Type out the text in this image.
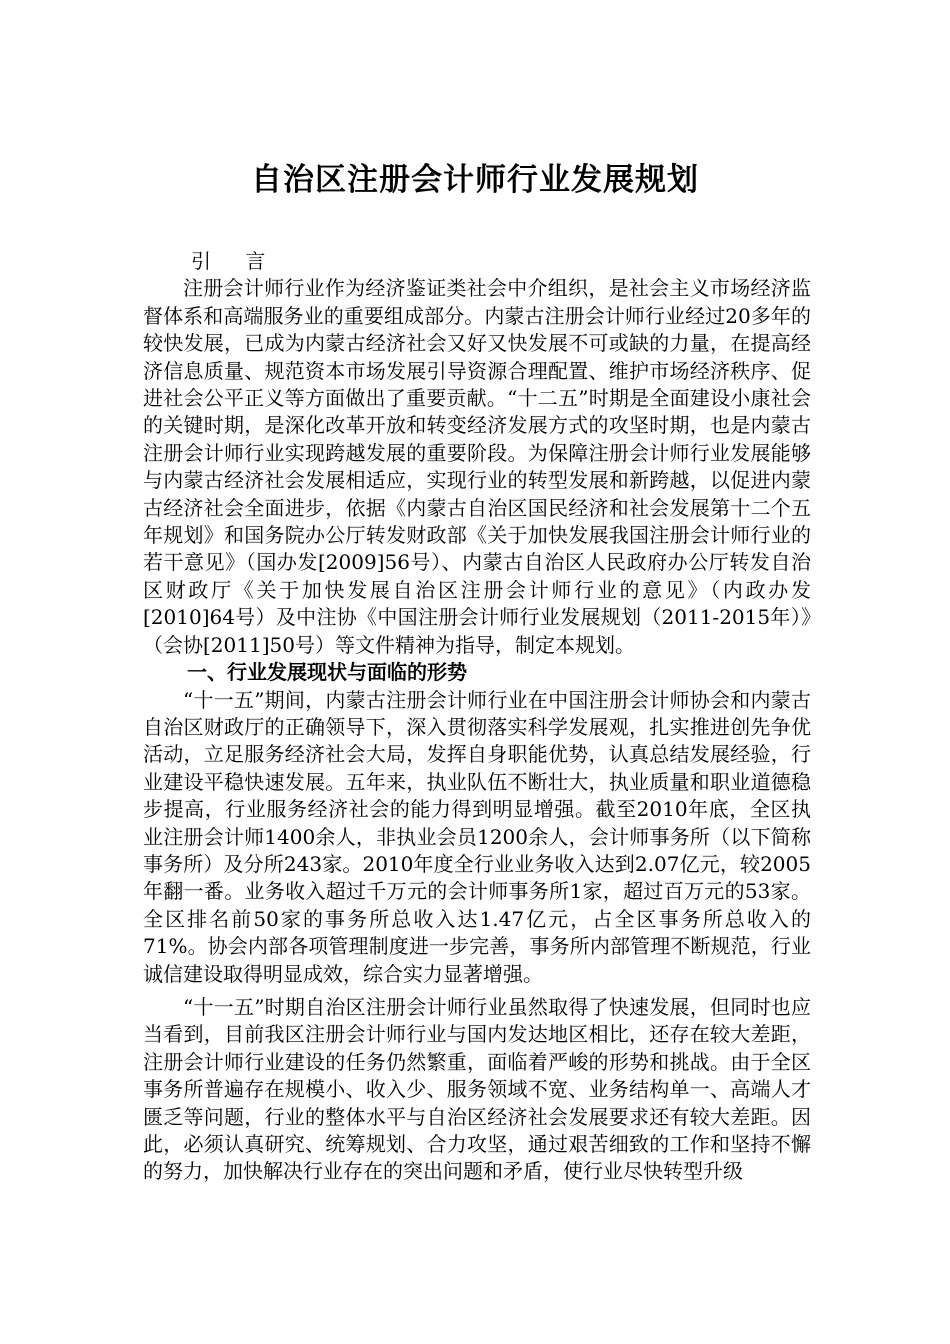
自治区注册会计师行业发展规划

引 言

注册会计师行业作为经济鉴证类社会中介组织，是社会主义市场经济监督体系和高端服务业的重要组成部分。内蒙古注册会计师行业经过20多年的较快发展，已成为内蒙古经济社会又好又快发展不可或缺的力量，在提高经济信息质量、规范资本市场发展引导资源合理配置、维护市场经济秩序、促进社会公平正义等方面做出了重要贡献。“十二五”时期是全面建设小康社会的关键时期，是深化改革开放和转变经济发展方式的攻坚时期，也是内蒙古注册会计师行业实现跨越发展的重要阶段。为保障注册会计师行业发展能够与内蒙古经济社会发展相适应，实现行业的转型发展和新跨越，以促进内蒙古经济社会全面进步，依据《内蒙古自治区国民经济和社会发展第十二个五年规划》和国务院办公厅转发财政部《关于加快发展我国注册会计师行业的若干意见》（国办发[2009]56号）、内蒙古自治区人民政府办公厅转发自治区财政厅《关于加快发展自治区注册会计师行业的意见》（内政办发[2010]64号）及中注协《中国注册会计师行业发展规划（2011-2015年）》（会协[2011]50号）等文件精神为指导，制定本规划。

一、行业发展现状与面临的形势

“十一五”期间，内蒙古注册会计师行业在中国注册会计师协会和内蒙古自治区财政厅的正确领导下，深入贯彻落实科学发展观，扎实推进创先争优活动，立足服务经济社会大局，发挥自身职能优势，认真总结发展经验，行业建设平稳快速发展。五年来，执业队伍不断壮大，执业质量和职业道德稳步提高，行业服务经济社会的能力得到明显增强。截至2010年底，全区执业注册会计师1400余人，非执业会员1200余人，会计师事务所（以下简称事务所）及分所243家。2010年度全行业业务收入达到2.07亿元，较2005年翻一番。业务收入超过千万元的会计师事务所1家，超过百万元的53家。全区排名前50家的事务所总收入达1.47亿元，占全区事务所总收入的71%。协会内部各项管理制度进一步完善，事务所内部管理不断规范，行业诚信建设取得明显成效，综合实力显著增强。

“十一五”时期自治区注册会计师行业虽然取得了快速发展，但同时也应当看到，目前我区注册会计师行业与国内发达地区相比，还存在较大差距，注册会计师行业建设的任务仍然繁重，面临着严峻的形势和挑战。由于全区事务所普遍存在规模小、收入少、服务领域不宽、业务结构单一、高端人才匮乏等问题，行业的整体水平与自治区经济社会发展要求还有较大差距。因此，必须认真研究、统筹规划、合力攻坚，通过艰苦细致的工作和坚持不懈的努力，加快解决行业存在的突出问题和矛盾，使行业尽快转型升级
